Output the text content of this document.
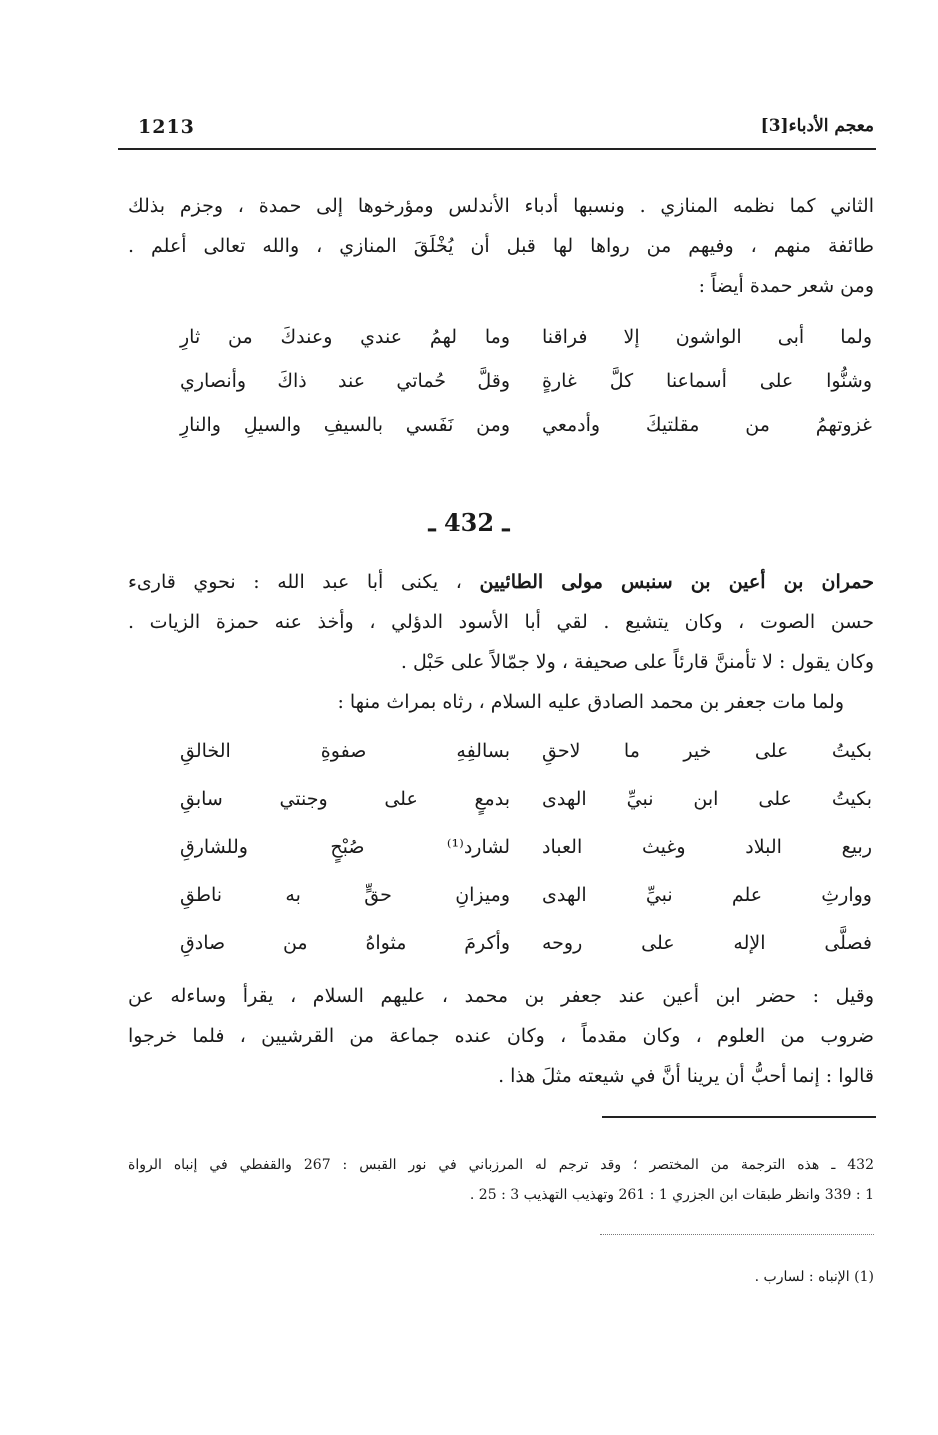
1213	معجم الأدباء[3]
الثاني كما نظمه المنازي . ونسبها أدباء الأندلس ومؤرخوها إلى حمدة ، وجزم بذلك
طائفة منهم ، وفيهم من رواها لها قبل أن يُخْلَقَ المنازي ، والله تعالى أعلم .
ومن شعر حمدة أيضاً :
ولما أبى الواشون إلا فراقنا
وما لهمُ عندي وعندكَ من ثارِ
وشنُّوا على أسماعنا كلَّ غارةٍ
وقلَّ حُماتي عند ذاكَ وأنصاري
غزوتهمُ من مقلتيكَ وأدمعي
ومن نَفَسي بالسيفِ والسيلِ والنارِ
ـ 432 ـ
حمران بن أعين بن سنبس مولى الطائيين ، يكنى أبا عبد الله : نحوي قارىء
حسن الصوت ، وكان يتشيع . لقي أبا الأسود الدؤلي ، وأخذ عنه حمزة الزيات .
وكان يقول : لا تأمننَّ قارئاً على صحيفة ، ولا جمّالاً على حَبْل .
ولما مات جعفر بن محمد الصادق عليه السلام ، رثاه بمراث منها :
بكيتُ على خير ما لاحقِ
بسالفِهِ صفوةِ الخالقِ
بكيتُ على ابن نبيِّ الهدى
بدمعٍ على وجنتي سابقِ
ربيع البلاد وغيث العباد
لشارد⁽¹⁾ صُبْحٍ وللشارقِ
ووارثِ علم نبيِّ الهدى
وميزانِ حقٍّ به ناطقِ
فصلَّى الإله على روحه
وأكرمَ مثواهُ من صادقِ
وقيل : حضر ابن أعين عند جعفر بن محمد ، عليهم السلام ، يقرأ وساءله عن
ضروب من العلوم ، وكان مقدماً ، وكان عنده جماعة من القرشيين ، فلما خرجوا
قالوا : إنما أحبُّ أن يرينا أنَّ في شيعته مثلَ هذا .
432 ـ هذه الترجمة من المختصر ؛ وقد ترجم له المرزباني في نور القبس : 267 والقفطي في إنباه الرواة
1 : 339 وانظر طبقات ابن الجزري 1 : 261 وتهذيب التهذيب 3 : 25 .
(1) الإنباه : لسارب .
